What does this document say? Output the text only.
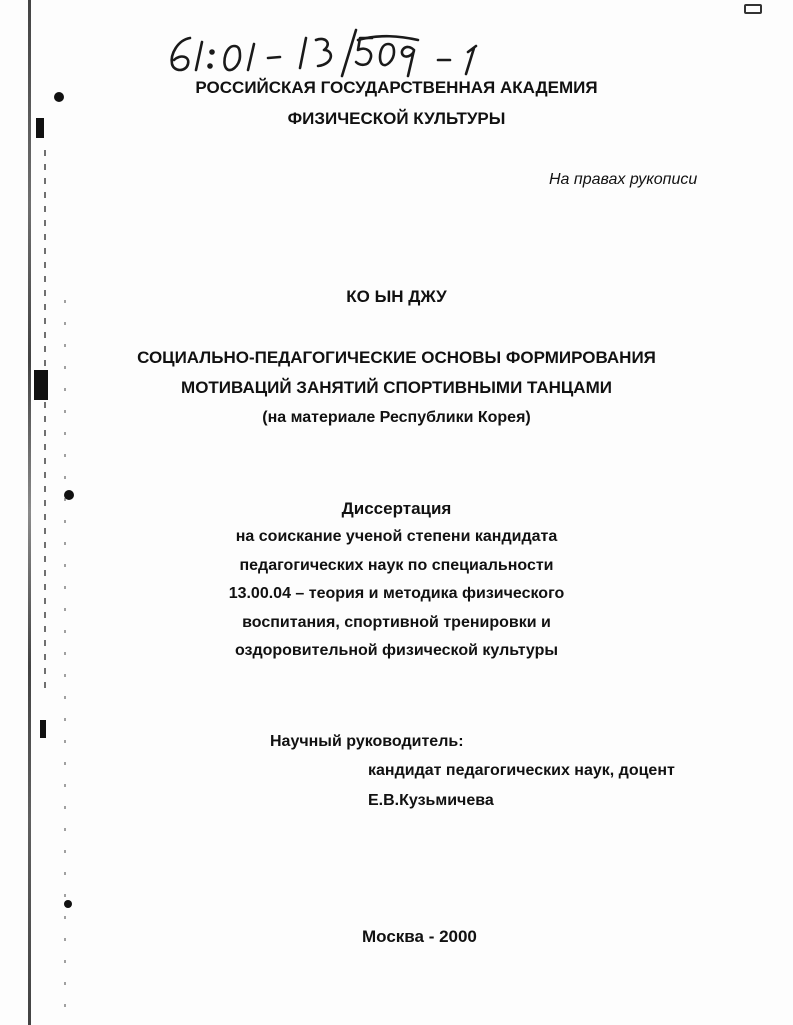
РОССИЙСКАЯ ГОСУДАРСТВЕННАЯ АКАДЕМИЯ
ФИЗИЧЕСКОЙ КУЛЬТУРЫ
На правах рукописи
КО ЫН ДЖУ
СОЦИАЛЬНО-ПЕДАГОГИЧЕСКИЕ ОСНОВЫ ФОРМИРОВАНИЯ
МОТИВАЦИЙ ЗАНЯТИЙ СПОРТИВНЫМИ ТАНЦАМИ
(на материале Республики Корея)
Диссертация
на соискание ученой степени кандидата
педагогических наук по специальности
13.00.04 – теория и методика физического
воспитания, спортивной тренировки и
оздоровительной физической культуры
Научный руководитель:
кандидат педагогических наук, доцент
Е.В.Кузьмичева
Москва - 2000
